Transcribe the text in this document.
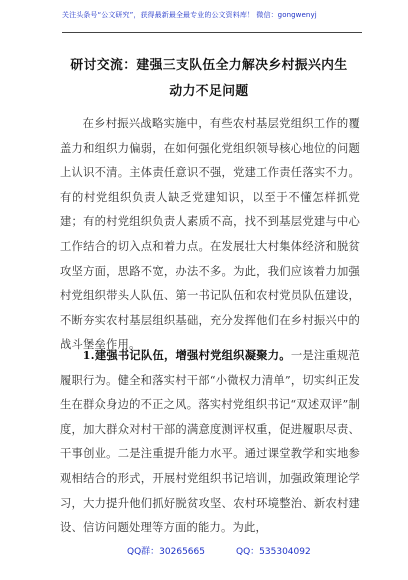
关注头条号“公文研究”，获得最新最全最专业的公文资料库！ 微信：gongwenyj
研讨交流：建强三支队伍全力解决乡村振兴内生动力不足问题

在乡村振兴战略实施中，有些农村基层党组织工作的覆盖力和组织力偏弱，在如何强化党组织领导核心地位的问题上认识不清。主体责任意识不强，党建工作责任落实不力。有的村党组织负责人缺乏党建知识，以至于不懂怎样抓党建；有的村党组织负责人素质不高，找不到基层党建与中心工作结合的切入点和着力点。在发展壮大村集体经济和脱贫攻坚方面，思路不宽，办法不多。为此，我们应该着力加强村党组织带头人队伍、第一书记队伍和农村党员队伍建设，不断夯实农村基层组织基础，充分发挥他们在乡村振兴中的战斗堡垒作用。

1.建强书记队伍，增强村党组织凝聚力。一是注重规范履职行为。健全和落实村干部“小微权力清单”，切实纠正发生在群众身边的不正之风。落实村党组织书记“双述双评”制度，加大群众对村干部的满意度测评权重，促进履职尽责、干事创业。二是注重提升能力水平。通过课堂教学和实地参观相结合的形式，开展村党组织书记培训，加强政策理论学习，大力提升他们抓好脱贫攻坚、农村环境整治、新农村建设、信访问题处理等方面的能力。为此，

QQ群：30265665	QQ：535304092
